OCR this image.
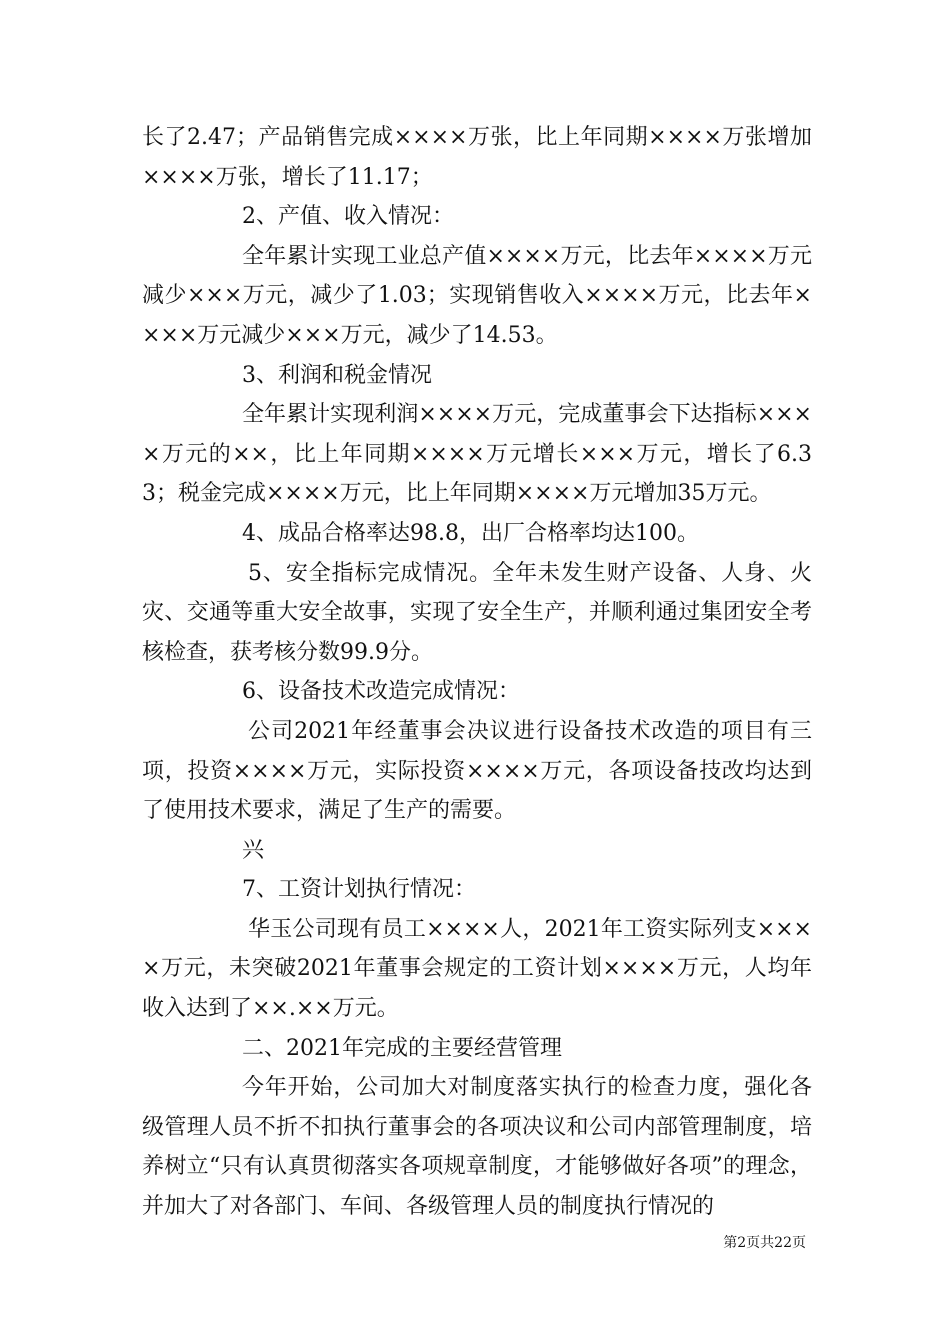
长了2.47；产品销售完成××××万张，比上年同期××××万张增加××××万张，增长了11.17；

2、产值、收入情况：

全年累计实现工业总产值××××万元，比去年××××万元减少×××万元，减少了1.03；实现销售收入××××万元，比去年××××万元减少×××万元，减少了14.53。

3、利润和税金情况

全年累计实现利润××××万元，完成董事会下达指标××××万元的××，比上年同期××××万元增长×××万元，增长了6.33；税金完成××××万元，比上年同期××××万元增加35万元。

4、成品合格率达98.8，出厂合格率均达100。

5、安全指标完成情况。全年未发生财产设备、人身、火灾、交通等重大安全故事，实现了安全生产，并顺利通过集团安全考核检查，获考核分数99.9分。

6、设备技术改造完成情况：

公司2021年经董事会决议进行设备技术改造的项目有三项，投资××××万元，实际投资××××万元，各项设备技改均达到了使用技术要求，满足了生产的需要。

兴

7、工资计划执行情况：

华玉公司现有员工××××人，2021年工资实际列支××××万元，未突破2021年董事会规定的工资计划××××万元，人均年收入达到了××.××万元。

二、2021年完成的主要经营管理

今年开始，公司加大对制度落实执行的检查力度，强化各级管理人员不折不扣执行董事会的各项决议和公司内部管理制度，培养树立“只有认真贯彻落实各项规章制度，才能够做好各项”的理念，并加大了对各部门、车间、各级管理人员的制度执行情况的

第2页共22页
